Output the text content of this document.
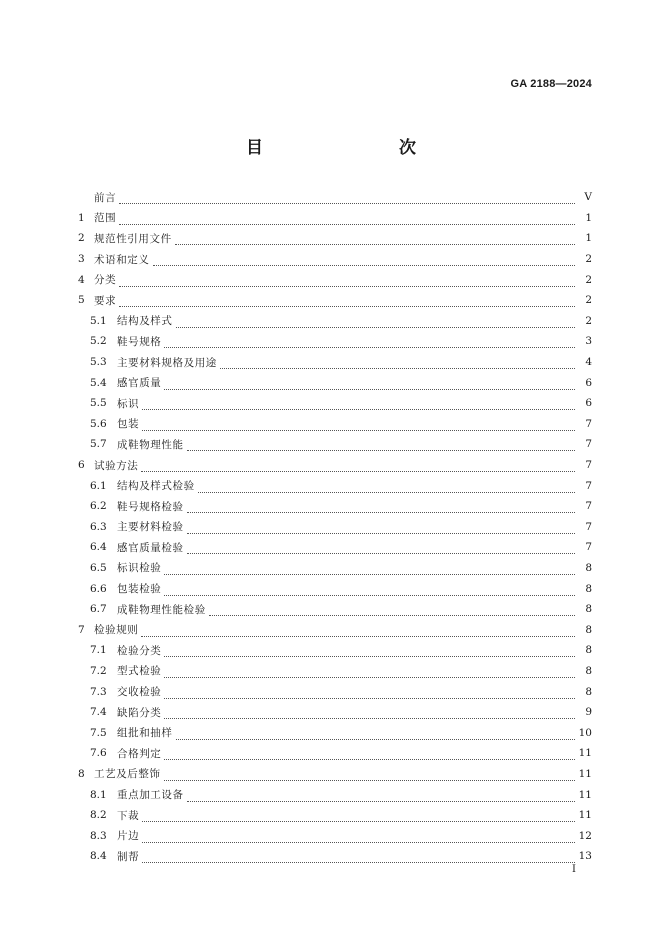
GA 2188—2024
目　　次
前言	V
1 范围	1
2 规范性引用文件	1
3 术语和定义	2
4 分类	2
5 要求	2
5.1 结构及样式	2
5.2 鞋号规格	3
5.3 主要材料规格及用途	4
5.4 感官质量	6
5.5 标识	6
5.6 包装	7
5.7 成鞋物理性能	7
6 试验方法	7
6.1 结构及样式检验	7
6.2 鞋号规格检验	7
6.3 主要材料检验	7
6.4 感官质量检验	7
6.5 标识检验	8
6.6 包装检验	8
6.7 成鞋物理性能检验	8
7 检验规则	8
7.1 检验分类	8
7.2 型式检验	8
7.3 交收检验	8
7.4 缺陷分类	9
7.5 组批和抽样	10
7.6 合格判定	11
8 工艺及后整饰	11
8.1 重点加工设备	11
8.2 下裁	11
8.3 片边	12
8.4 制帮	13
I
